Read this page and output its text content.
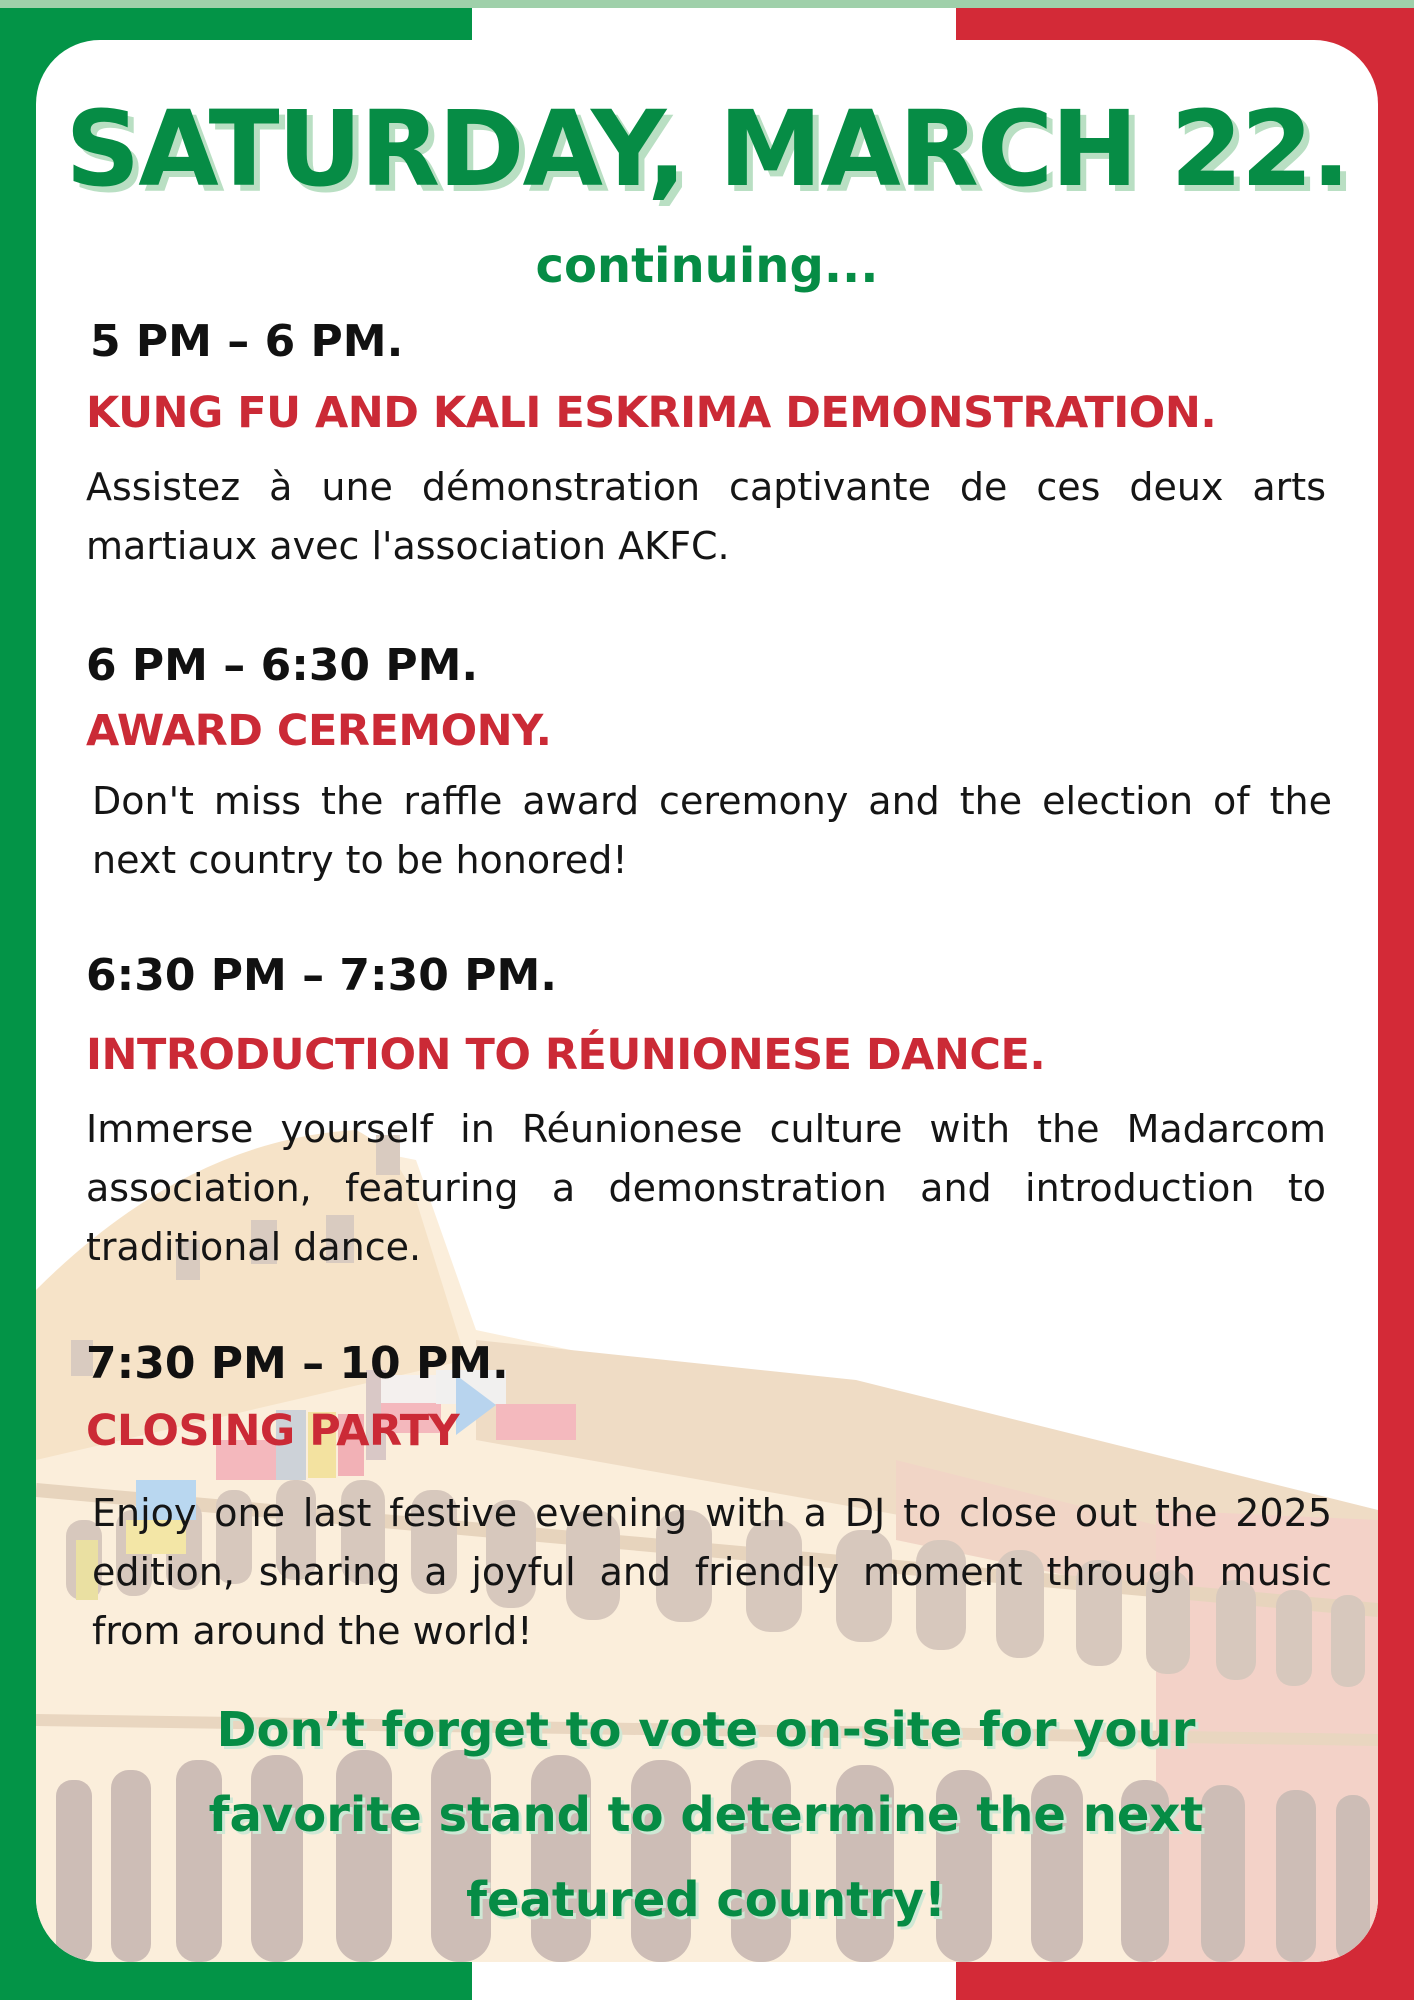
SATURDAY, MARCH 22.
continuing...
5 PM – 6 PM.
KUNG FU AND KALI ESKRIMA DEMONSTRATION.
Assistez à une démonstration captivante de ces deux arts martiaux avec l'association AKFC.
6 PM – 6:30 PM.
AWARD CEREMONY.
Don't miss the raffle award ceremony and the election of the next country to be honored!
6:30 PM – 7:30 PM.
INTRODUCTION TO RÉUNIONESE DANCE.
Immerse yourself in Réunionese culture with the Madarcom association, featuring a demonstration and introduction to traditional dance.
7:30 PM – 10 PM.
CLOSING PARTY
Enjoy one last festive evening with a DJ to close out the 2025 edition, sharing a joyful and friendly moment through music from around the world!
Don’t forget to vote on-site for your favorite stand to determine the next featured country!
